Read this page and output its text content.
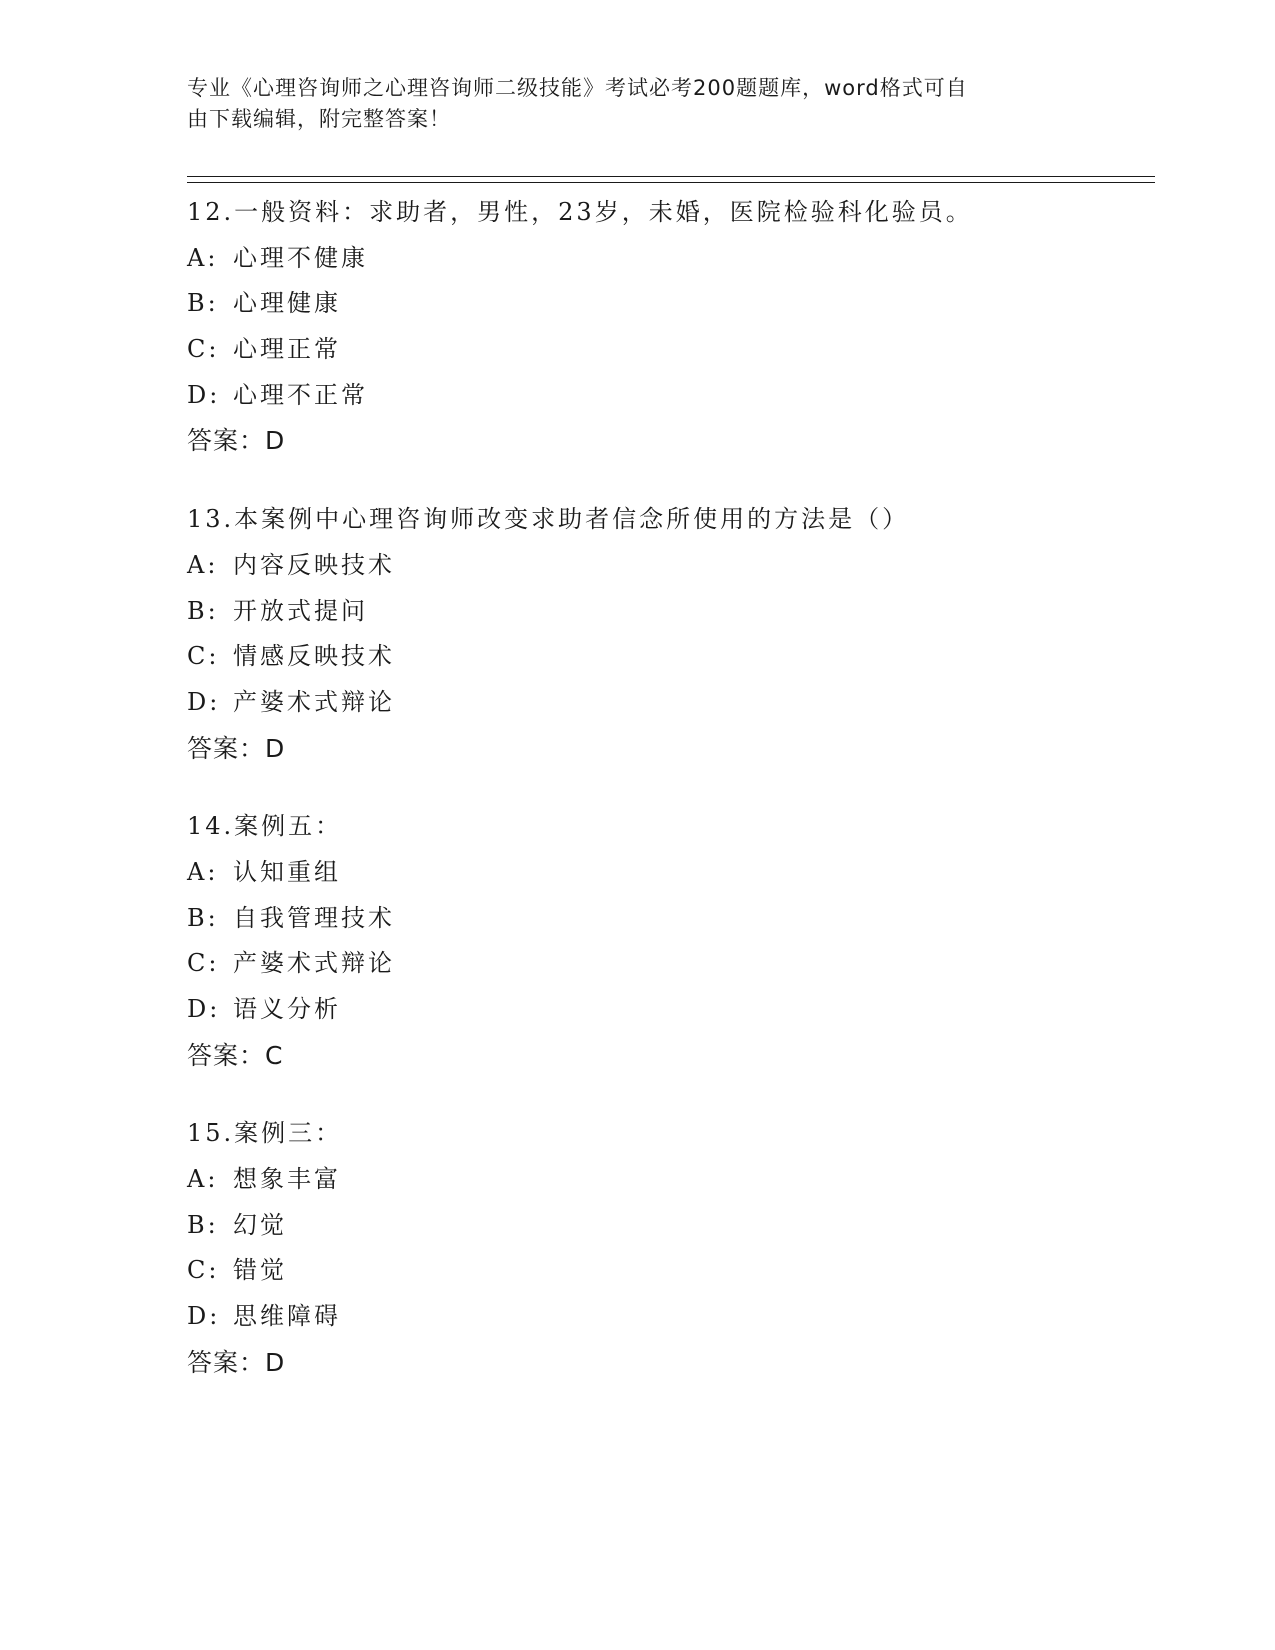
专业《心理咨询师之心理咨询师二级技能》考试必考200题题库，word格式可自
由下载编辑，附完整答案！
12.一般资料：求助者，男性，23岁，未婚，医院检验科化验员。
A: 心理不健康
B: 心理健康
C: 心理正常
D: 心理不正常
答案：D
13.本案例中心理咨询师改变求助者信念所使用的方法是（）
A: 内容反映技术
B: 开放式提问
C: 情感反映技术
D: 产婆术式辩论
答案：D
14.案例五：
A: 认知重组
B: 自我管理技术
C: 产婆术式辩论
D: 语义分析
答案：C
15.案例三：
A: 想象丰富
B: 幻觉
C: 错觉
D: 思维障碍
答案：D
